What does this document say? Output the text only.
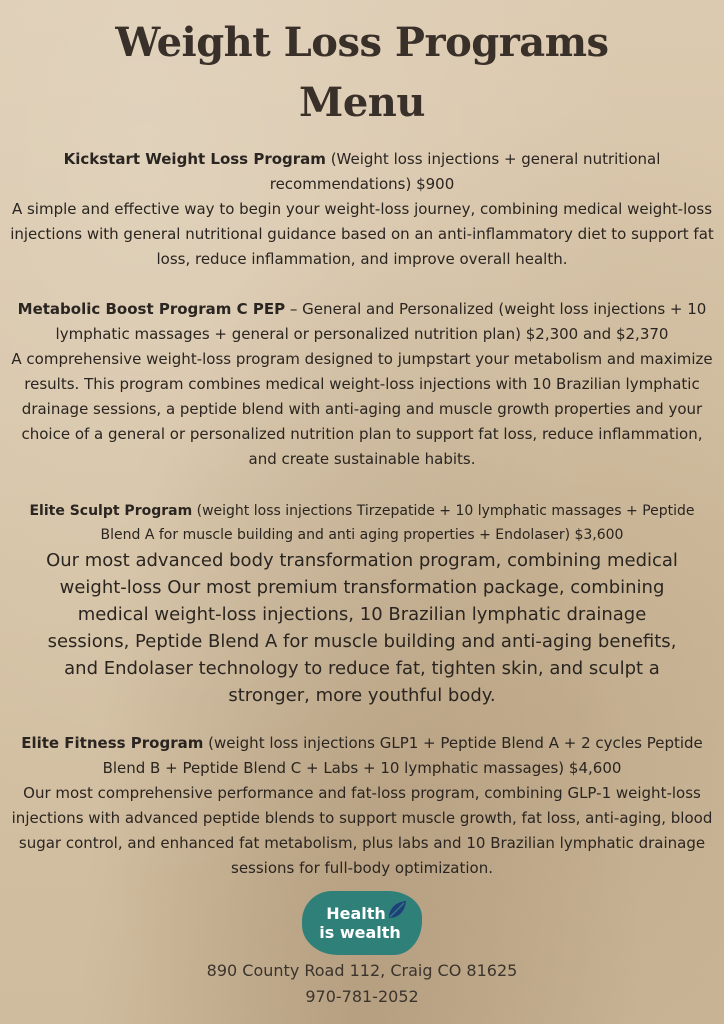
Weight Loss Programs
Menu
Kickstart Weight Loss Program (Weight loss injections + general nutritional recommendations) $900
A simple and effective way to begin your weight-loss journey, combining medical weight-loss injections with general nutritional guidance based on an anti-inflammatory diet to support fat loss, reduce inflammation, and improve overall health.
Metabolic Boost Program C PEP – General and Personalized (weight loss injections + 10 lymphatic massages + general or personalized nutrition plan) $2,300 and $2,370
A comprehensive weight-loss program designed to jumpstart your metabolism and maximize results. This program combines medical weight-loss injections with 10 Brazilian lymphatic drainage sessions, a peptide blend with anti-aging and muscle growth properties and your choice of a general or personalized nutrition plan to support fat loss, reduce inflammation, and create sustainable habits.
Elite Sculpt Program (weight loss injections Tirzepatide + 10 lymphatic massages + Peptide Blend A for muscle building and anti aging properties + Endolaser) $3,600
Our most advanced body transformation program, combining medical weight-loss Our most premium transformation package, combining medical weight-loss injections, 10 Brazilian lymphatic drainage sessions, Peptide Blend A for muscle building and anti-aging benefits, and Endolaser technology to reduce fat, tighten skin, and sculpt a stronger, more youthful body.
Elite Fitness Program (weight loss injections GLP1 + Peptide Blend A + 2 cycles Peptide Blend B + Peptide Blend C + Labs + 10 lymphatic massages) $4,600
Our most comprehensive performance and fat-loss program, combining GLP-1 weight-loss injections with advanced peptide blends to support muscle growth, fat loss, anti-aging, blood sugar control, and enhanced fat metabolism, plus labs and 10 Brazilian lymphatic drainage sessions for full-body optimization.
Health
is wealth
890 County Road 112, Craig CO 81625
970-781-2052
